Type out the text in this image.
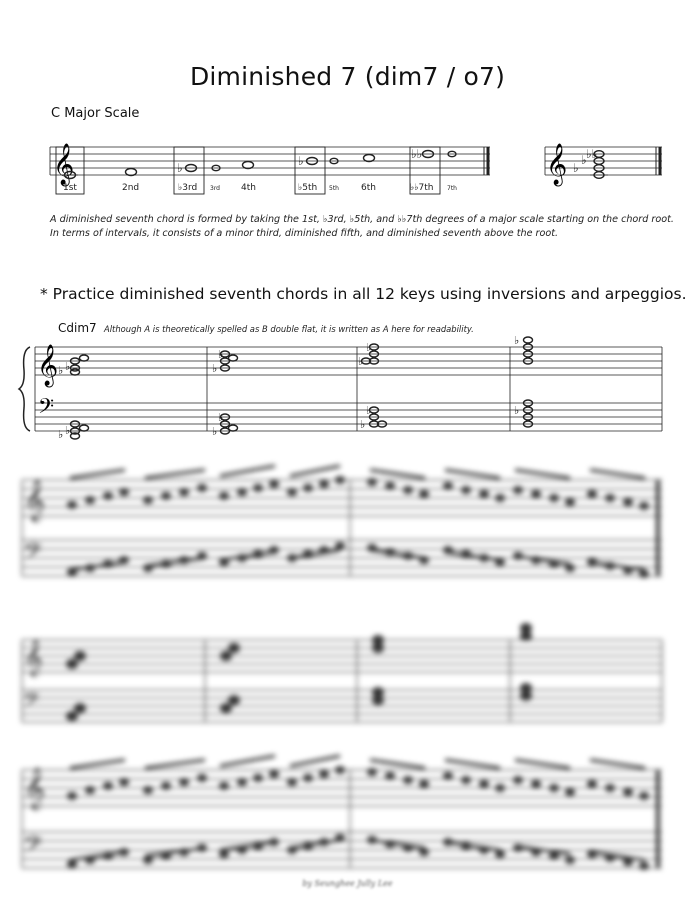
Diminished 7 (dim7 / o7)
C Major Scale
𝄞	𝄞
♭	♭	♭♭
♭
♭ ♭♭
1st	2nd	♭3rd 3rd 4th	♭5th 5th 6th	♭♭7th 7th
A diminished seventh chord is formed by taking the 1st, ♭3rd, ♭5th, and ♭♭7th degrees of a major scale starting on the chord root.
In terms of intervals, it consists of a minor third, diminished fifth, and diminished seventh above the root.
* Practice diminished seventh chords in all 12 keys using inversions and arpeggios.
Cdim7 Although A is theoretically spelled as B double flat, it is written as A here for readability.
𝄞
𝄢
♭ ♭	♭
♭
♭
♭
♭
♭ ♭	♭
♭
♭
♭
♭
𝄞
𝄢
𝄞
𝄢
𝄞
𝄢
by Seunghee Jully Lee
